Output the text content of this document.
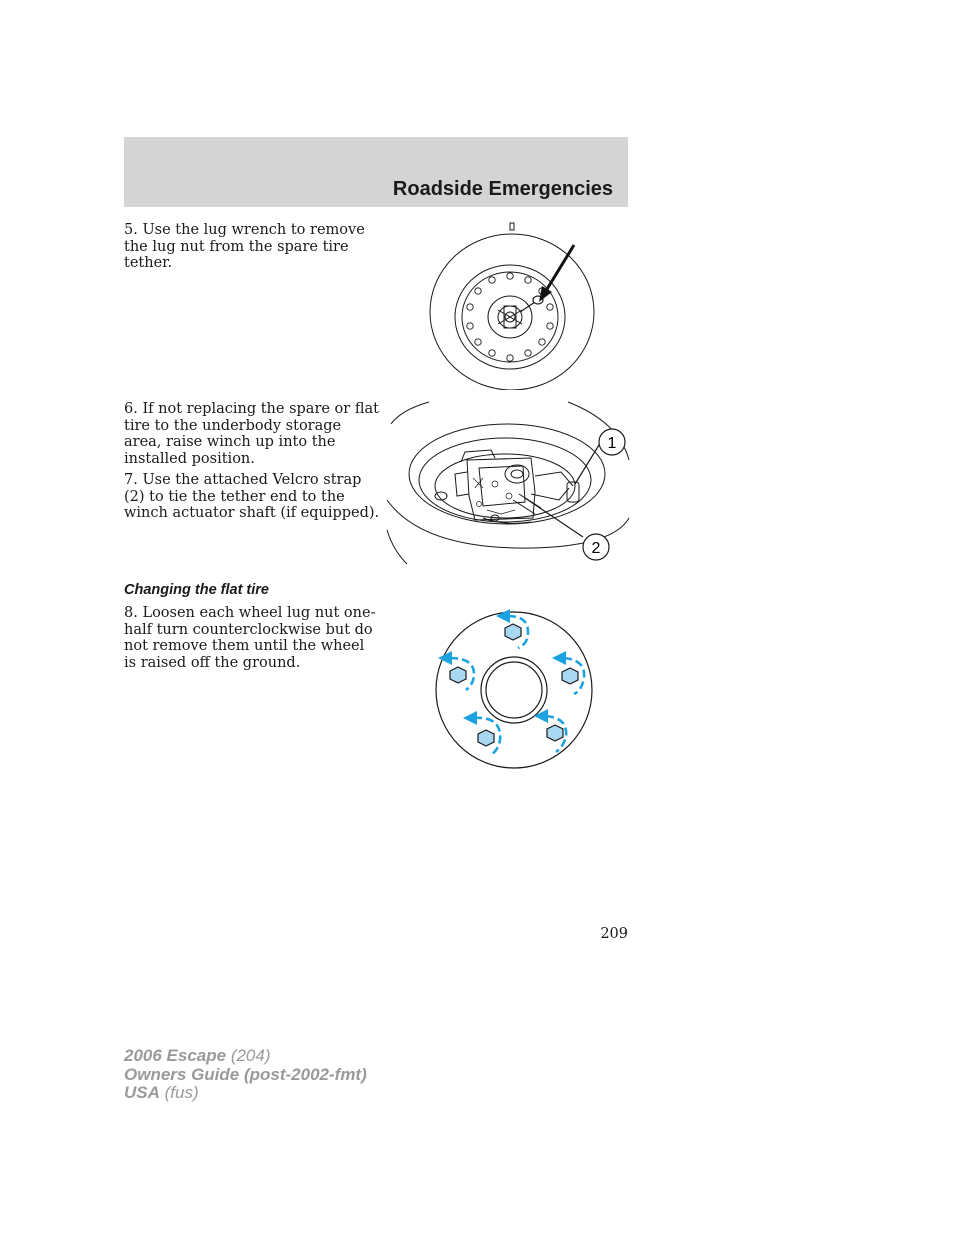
Roadside Emergencies

5. Use the lug wrench to remove the lug nut from the spare tire tether.

6. If not replacing the spare or flat tire to the underbody storage area, raise winch up into the installed position.

7. Use the attached Velcro strap (2) to tie the tether end to the winch actuator shaft (if equipped).

1
2
Changing the flat tire

8. Loosen each wheel lug nut one-half turn counterclockwise but do not remove them until the wheel is raised off the ground.

209

2006 Escape (204)
Owners Guide (post-2002-fmt)
USA (fus)
